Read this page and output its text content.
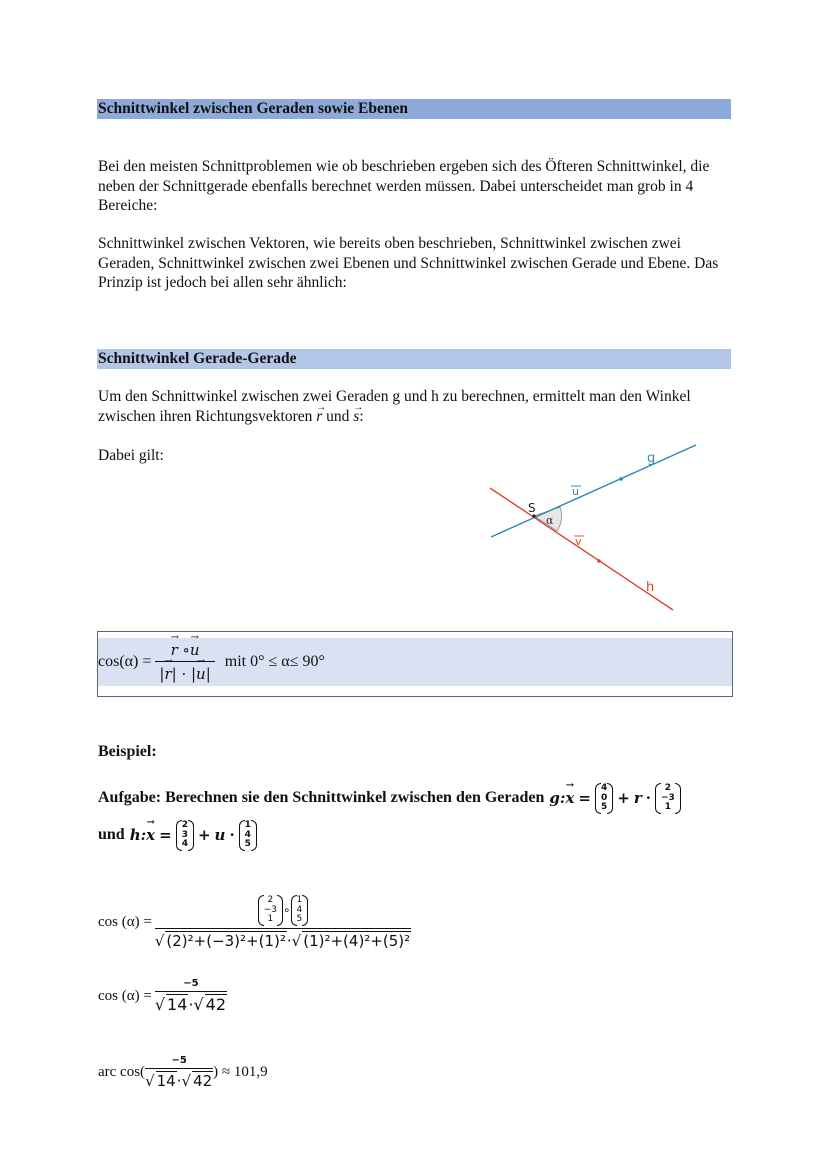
Schnittwinkel zwischen Geraden sowie Ebenen
Bei den meisten Schnittproblemen wie ob beschrieben ergeben sich des Öfteren Schnittwinkel, die neben der Schnittgerade ebenfalls berechnet werden müssen. Dabei unterscheidet man grob in 4 Bereiche:
Schnittwinkel zwischen Vektoren, wie bereits oben beschrieben, Schnittwinkel zwischen zwei Geraden, Schnittwinkel zwischen zwei Ebenen und Schnittwinkel zwischen Gerade und Ebene. Das Prinzip ist jedoch bei allen sehr ähnlich:
Schnittwinkel Gerade-Gerade
Um den Schnittwinkel zwischen zwei Geraden g und h zu berechnen, ermittelt man den Winkel zwischen ihren Richtungsvektoren → r und → s:
Dabei gilt:
S
α
g
h
u
v
cos(α) = → $\frac{r \circ\to u}{|\to r| \cdot |\to u|}$ mit 0° ≤ α≤ 90°
Beispiel:
Aufgabe: Berechnen sie den Schnittwinkel zwischen den Geraden g : → x =
4
0
5 + r ·
2
−3
1
und h : → x =
2
3
4 + u ·
1
4
5
cos (α) =
2
−3
1
∘
1
4
5
√ (2)²+(−3)²+(1)²·√ (1)²+(4)²+(5)²
$\cos (\alpha) = \frac{-5}{√ 14\cdot√ 42}$
arc $\cos( \frac{-5}{√ 14\cdot√ 42}$ ) ≈ 101,9
